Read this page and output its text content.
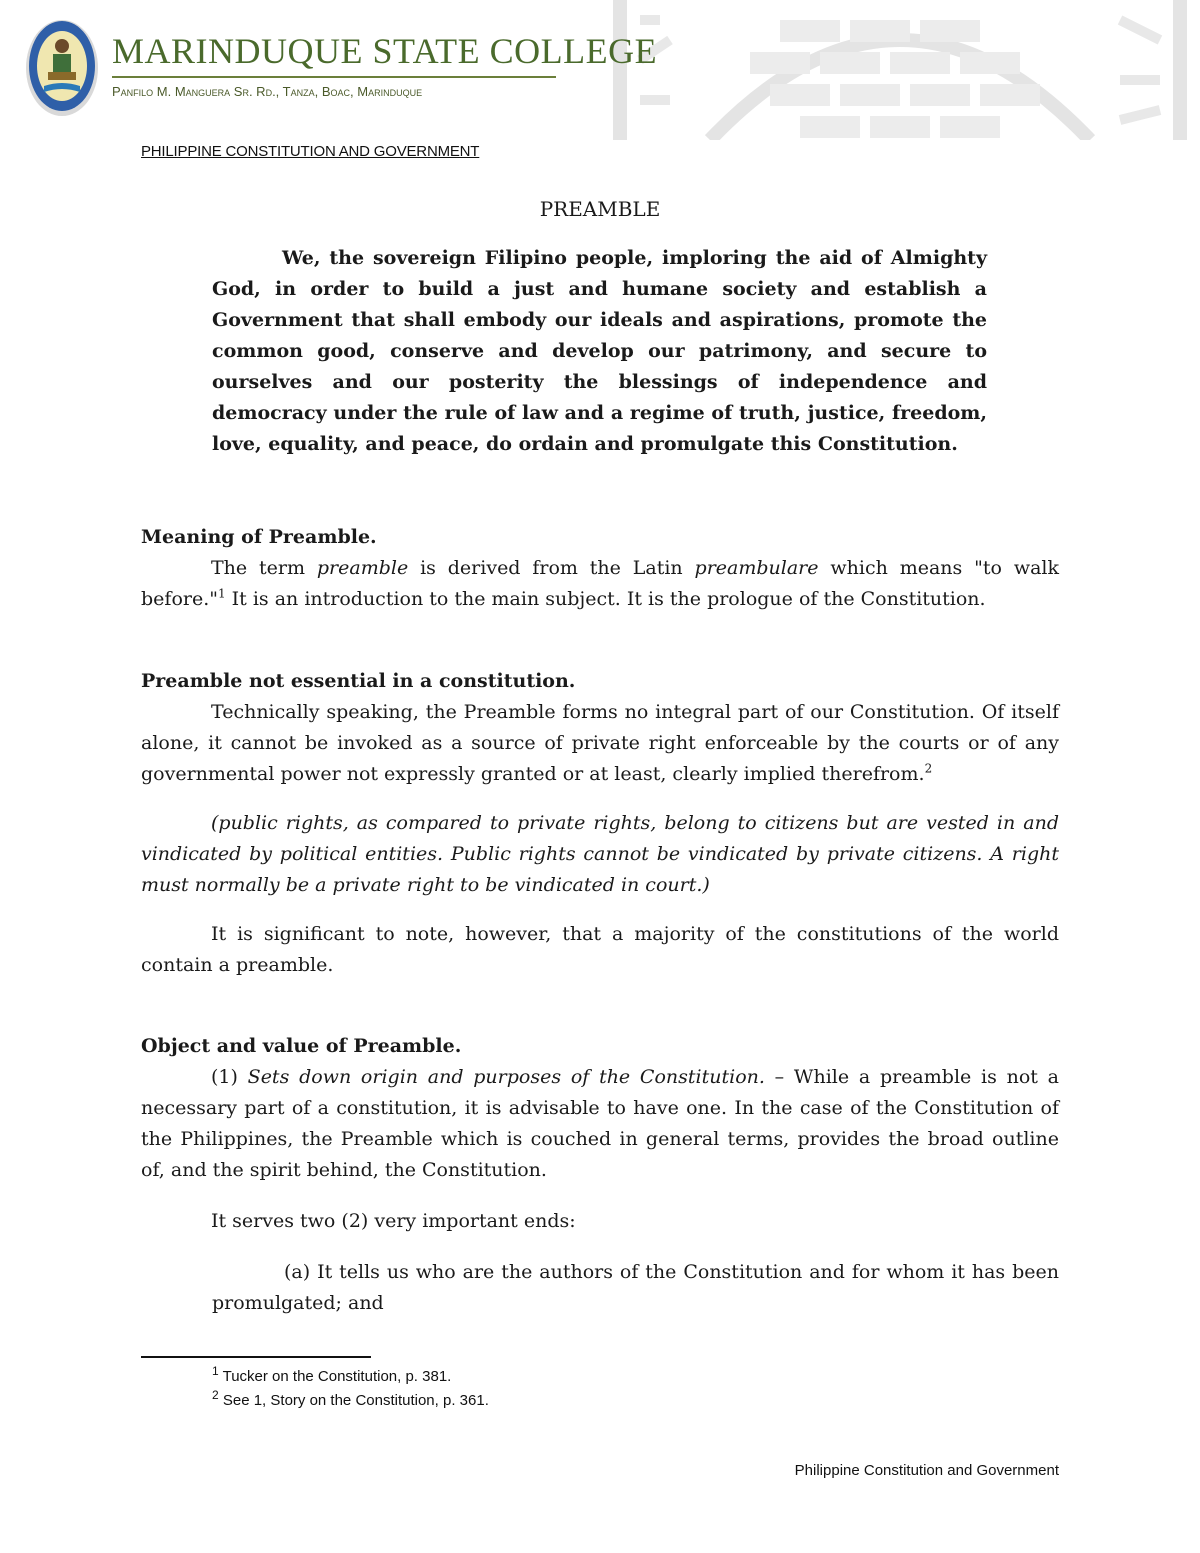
MARINDUQUE STATE COLLEGE
Panfilo M. Manguera Sr. Rd., Tanza, Boac, Marinduque
PHILIPPINE CONSTITUTION AND GOVERNMENT

PREAMBLE

We, the sovereign Filipino people, imploring the aid of Almighty God, in order to build a just and humane society and establish a Government that shall embody our ideals and aspirations, promote the common good, conserve and develop our patrimony, and secure to ourselves and our posterity the blessings of independence and democracy under the rule of law and a regime of truth, justice, freedom, love, equality, and peace, do ordain and promulgate this Constitution.

Meaning of Preamble.

The term preamble is derived from the Latin preambulare which means "to walk before."$^1$ It is an introduction to the main subject. It is the prologue of the Constitution.

Preamble not essential in a constitution.

Technically speaking, the Preamble forms no integral part of our Constitution. Of itself alone, it cannot be invoked as a source of private right enforceable by the courts or of any governmental power not expressly granted or at least, clearly implied therefrom.$^2$

(public rights, as compared to private rights, belong to citizens but are vested in and vindicated by political entities. Public rights cannot be vindicated by private citizens. A right must normally be a private right to be vindicated in court.)

It is significant to note, however, that a majority of the constitutions of the world contain a preamble.

Object and value of Preamble.

(1) Sets down origin and purposes of the Constitution. – While a preamble is not a necessary part of a constitution, it is advisable to have one. In the case of the Constitution of the Philippines, the Preamble which is couched in general terms, provides the broad outline of, and the spirit behind, the Constitution.

It serves two (2) very important ends:

(a) It tells us who are the authors of the Constitution and for whom it has been promulgated; and

$^1$ Tucker on the Constitution, p. 381.
$^2$ See 1, Story on the Constitution, p. 361.
Philippine Constitution and Government
